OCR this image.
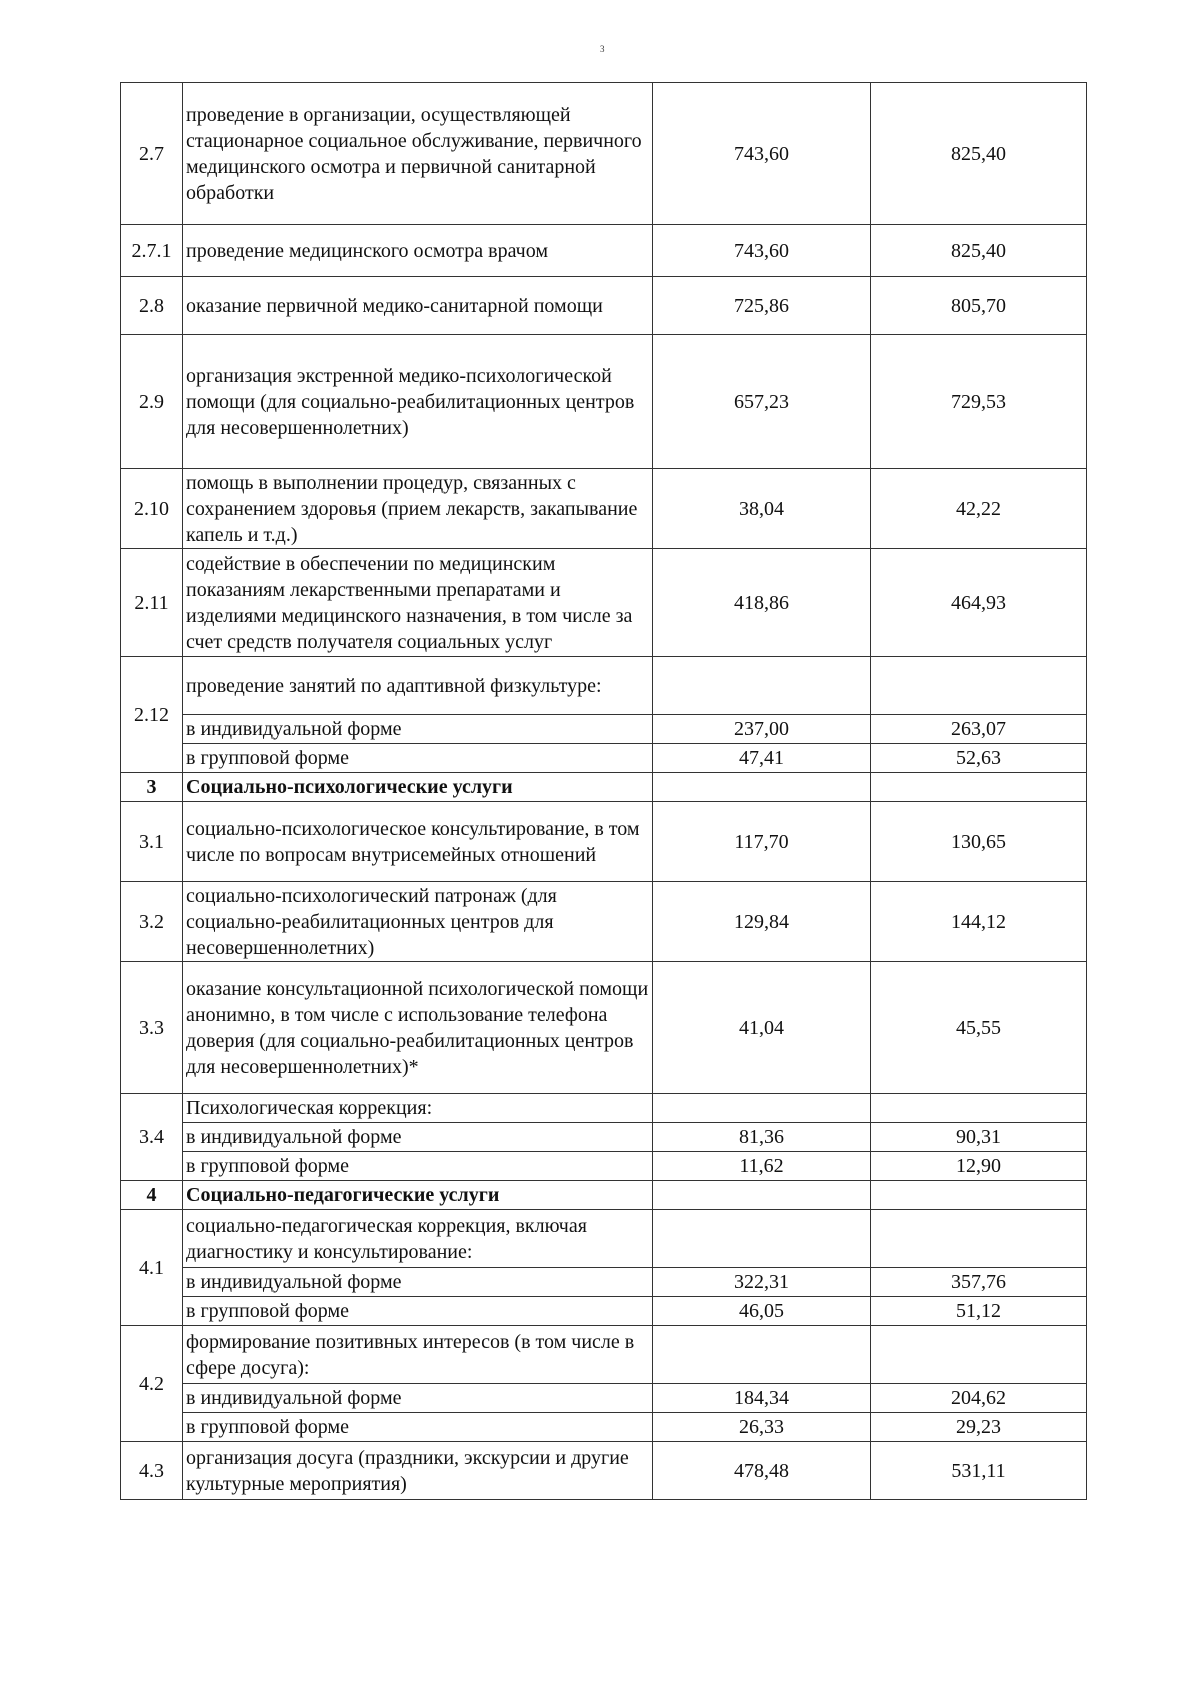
3
2.7	проведение в организации, осуществляющей стационарное социальное обслуживание, первичного медицинского осмотра и первичной санитарной обработки	743,60	825,40
2.7.1	проведение медицинского осмотра врачом	743,60	825,40
2.8	оказание первичной медико-санитарной помощи	725,86	805,70
2.9	организация экстренной медико-психологической помощи (для социально-реабилитационных центров для несовершеннолетних)	657,23	729,53
2.10	помощь в выполнении процедур, связанных с сохранением здоровья (прием лекарств, закапывание капель и т.д.)	38,04	42,22
2.11	содействие в обеспечении по медицинским показаниям лекарственными препаратами и изделиями медицинского назначения, в том числе за счет средств получателя социальных услуг	418,86	464,93
2.12	проведение занятий по адаптивной физкультуре:		
	в индивидуальной форме	237,00	263,07
	в групповой форме	47,41	52,63
3	Социально-психологические услуги		
3.1	социально-психологическое консультирование, в том числе по вопросам внутрисемейных отношений	117,70	130,65
3.2	социально-психологический патронаж (для социально-реабилитационных центров для несовершеннолетних)	129,84	144,12
3.3	оказание консультационной психологической помощи анонимно, в том числе с использование телефона доверия (для социально-реабилитационных центров для несовершеннолетних)*	41,04	45,55
3.4	Психологическая коррекция:		
	в индивидуальной форме	81,36	90,31
	в групповой форме	11,62	12,90
4	Социально-педагогические услуги		
4.1	социально-педагогическая коррекция, включая диагностику и консультирование:		
	в индивидуальной форме	322,31	357,76
	в групповой форме	46,05	51,12
4.2	формирование позитивных интересов (в том числе в сфере досуга):		
	в индивидуальной форме	184,34	204,62
	в групповой форме	26,33	29,23
4.3	организация досуга (праздники, экскурсии и другие культурные мероприятия)	478,48	531,11
